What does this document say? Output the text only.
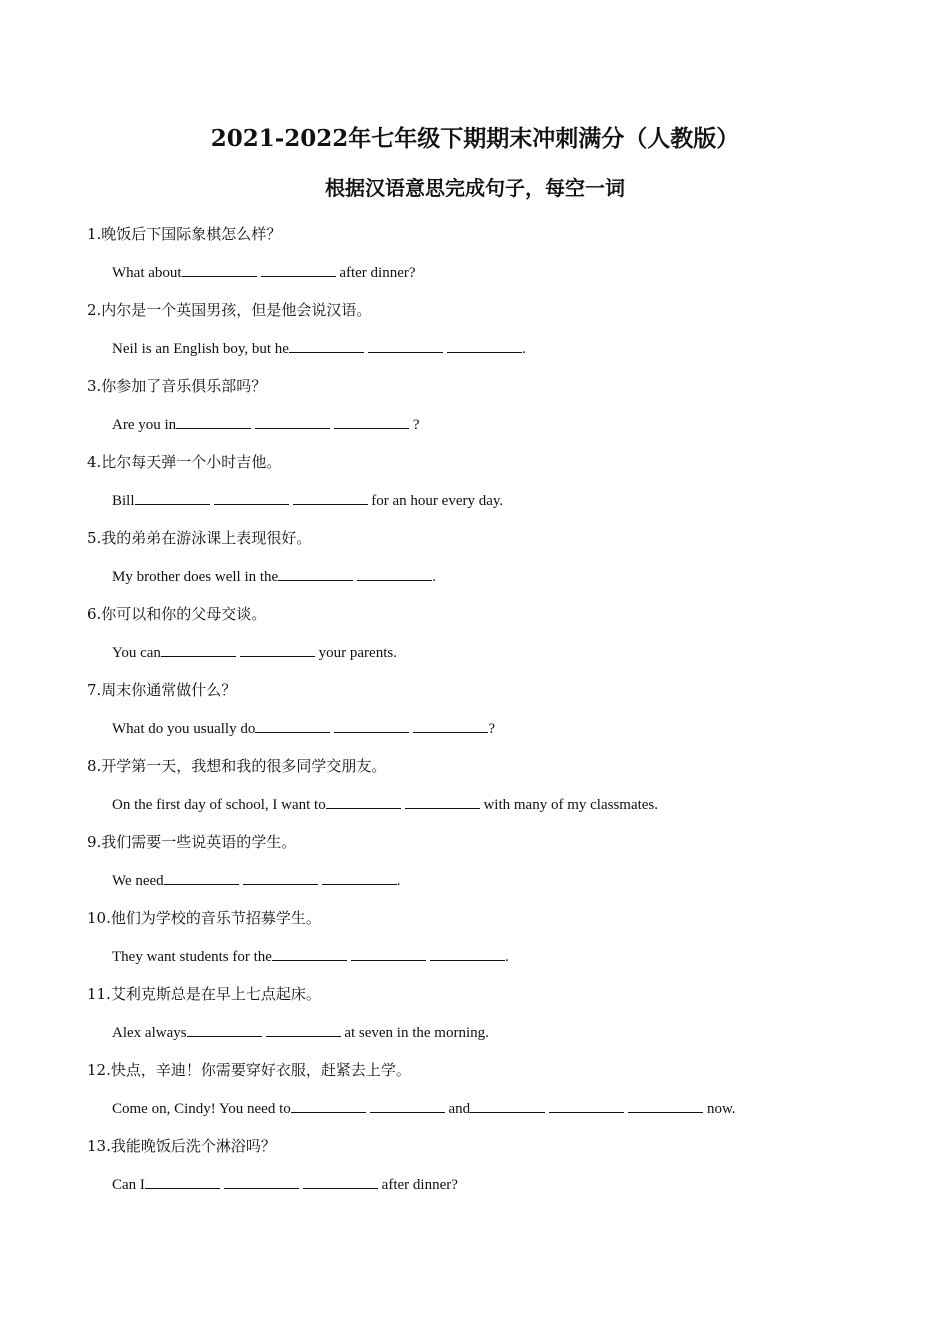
2021-2022年七年级下期期末冲刺满分（人教版）
根据汉语意思完成句子，每空一词
1.晚饭后下国际象棋怎么样？
What about	after dinner?
2.内尔是一个英国男孩，但是他会说汉语。
Neil is an English boy, but he	.
3.你参加了音乐俱乐部吗？
Are you in	?
4.比尔每天弹一个小时吉他。
Bill	for an hour every day.
5.我的弟弟在游泳课上表现很好。
My brother does well in the	.
6.你可以和你的父母交谈。
You can	your parents.
7.周末你通常做什么？
What do you usually do	?
8.开学第一天，我想和我的很多同学交朋友。
On the first day of school, I want to	with many of my classmates.
9.我们需要一些说英语的学生。
We need	.
10.他们为学校的音乐节招募学生。
They want students for the	.
11.艾利克斯总是在早上七点起床。
Alex always	at seven in the morning.
12.快点，辛迪！你需要穿好衣服，赶紧去上学。
Come on, Cindy! You need to	and	now.
13.我能晚饭后洗个淋浴吗？
Can I	after dinner?
